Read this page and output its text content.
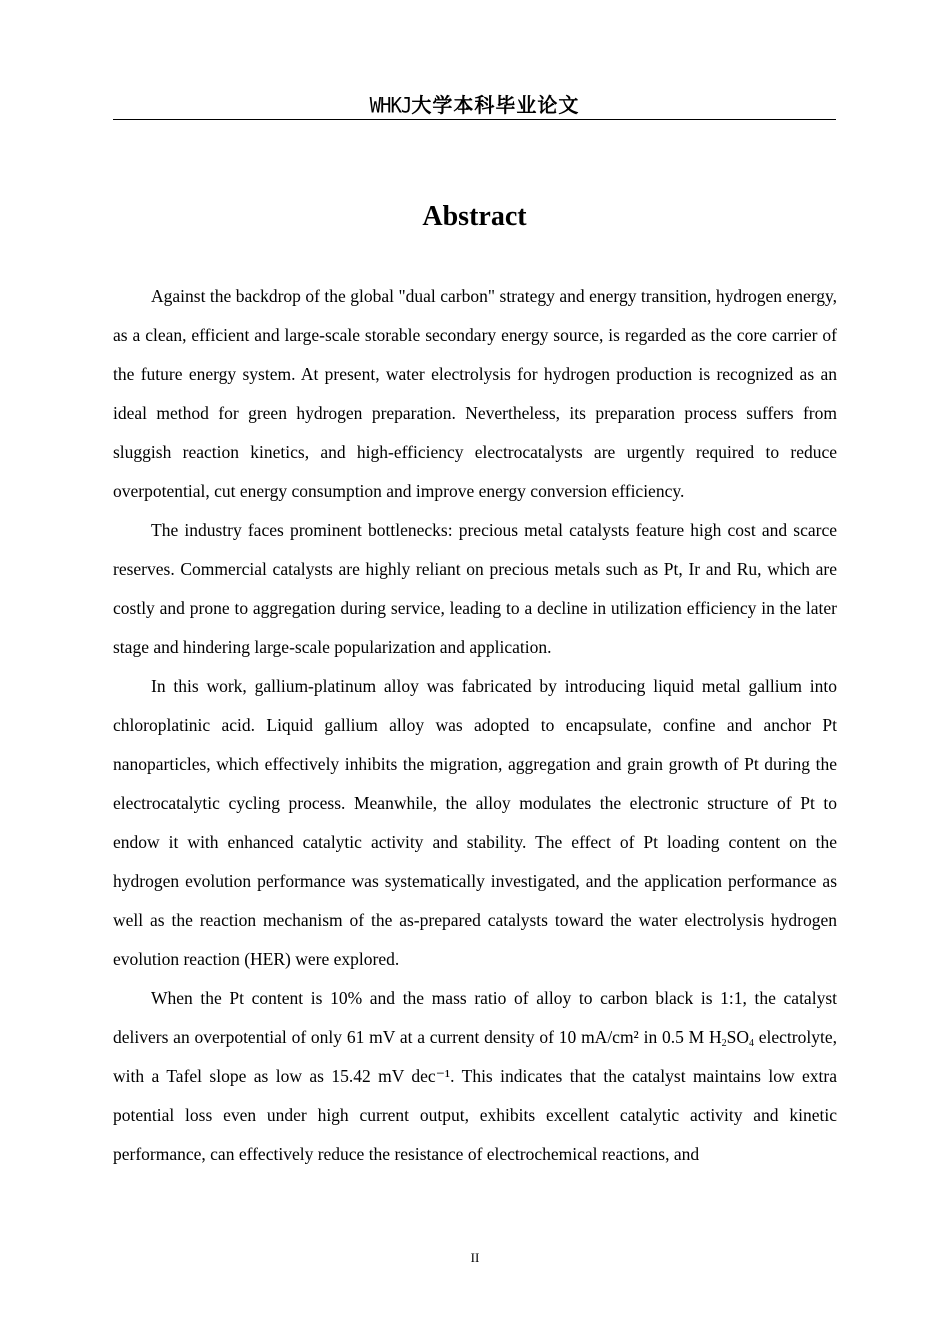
WHKJ大学本科毕业论文
Abstract

Against the backdrop of the global "dual carbon" strategy and energy transition, hydrogen energy, as a clean, efficient and large-scale storable secondary energy source, is regarded as the core carrier of the future energy system. At present, water electrolysis for hydrogen production is recognized as an ideal method for green hydrogen preparation. Nevertheless, its preparation process suffers from sluggish reaction kinetics, and high-efficiency electrocatalysts are urgently required to reduce overpotential, cut energy consumption and improve energy conversion efficiency.

The industry faces prominent bottlenecks: precious metal catalysts feature high cost and scarce reserves. Commercial catalysts are highly reliant on precious metals such as Pt, Ir and Ru, which are costly and prone to aggregation during service, leading to a decline in utilization efficiency in the later stage and hindering large-scale popularization and application.

In this work, gallium-platinum alloy was fabricated by introducing liquid metal gallium into chloroplatinic acid. Liquid gallium alloy was adopted to encapsulate, confine and anchor Pt nanoparticles, which effectively inhibits the migration, aggregation and grain growth of Pt during the electrocatalytic cycling process. Meanwhile, the alloy modulates the electronic structure of Pt to endow it with enhanced catalytic activity and stability. The effect of Pt loading content on the hydrogen evolution performance was systematically investigated, and the application performance as well as the reaction mechanism of the as-prepared catalysts toward the water electrolysis hydrogen evolution reaction (HER) were explored.

When the Pt content is 10% and the mass ratio of alloy to carbon black is 1:1, the catalyst delivers an overpotential of only 61 mV at a current density of 10 mA/cm² in 0.5 M $H_2SO_4$ electrolyte, with a Tafel slope as low as 15.42 mV dec⁻¹. This indicates that the catalyst maintains low extra potential loss even under high current output, exhibits excellent catalytic activity and kinetic performance, can effectively reduce the resistance of electrochemical reactions, and

II
